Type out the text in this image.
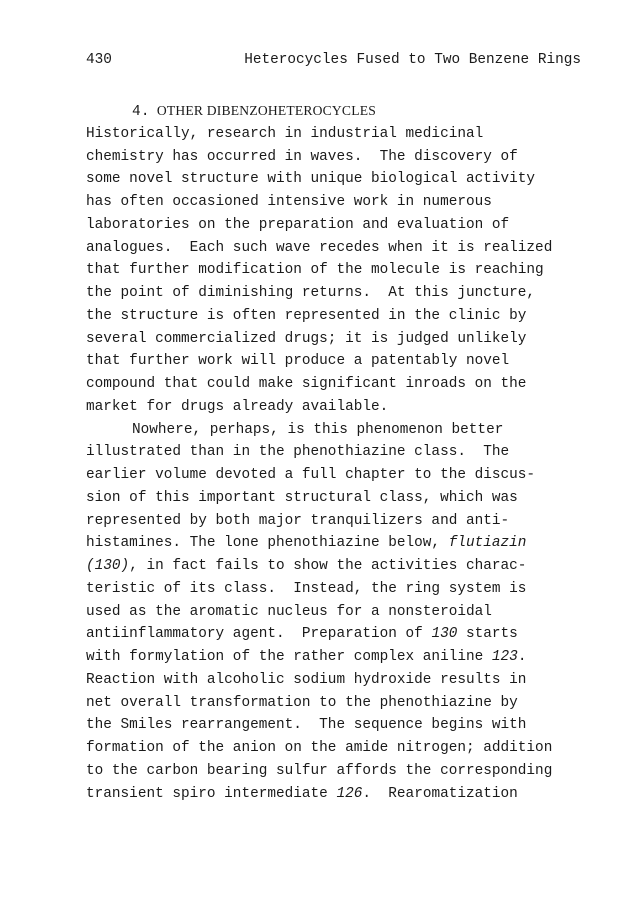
430	Heterocycles Fused to Two Benzene Rings
4. OTHER DIBENZOHETEROCYCLES
Historically, research in industrial medicinal
chemistry has occurred in waves.  The discovery of
some novel structure with unique biological activity
has often occasioned intensive work in numerous
laboratories on the preparation and evaluation of
analogues.  Each such wave recedes when it is realized
that further modification of the molecule is reaching
the point of diminishing returns.  At this juncture,
the structure is often represented in the clinic by
several commercialized drugs; it is judged unlikely
that further work will produce a patentably novel
compound that could make significant inroads on the
market for drugs already available.
Nowhere, perhaps, is this phenomenon better
illustrated than in the phenothiazine class.  The
earlier volume devoted a full chapter to the discus-
sion of this important structural class, which was
represented by both major tranquilizers and anti-
histamines. The lone phenothiazine below, flutiazin
(130), in fact fails to show the activities charac-
teristic of its class.  Instead, the ring system is
used as the aromatic nucleus for a nonsteroidal
antiinflammatory agent.  Preparation of 130 starts
with formylation of the rather complex aniline 123.
Reaction with alcoholic sodium hydroxide results in
net overall transformation to the phenothiazine by
the Smiles rearrangement.  The sequence begins with
formation of the anion on the amide nitrogen; addition
to the carbon bearing sulfur affords the corresponding
transient spiro intermediate 126.  Rearomatization
